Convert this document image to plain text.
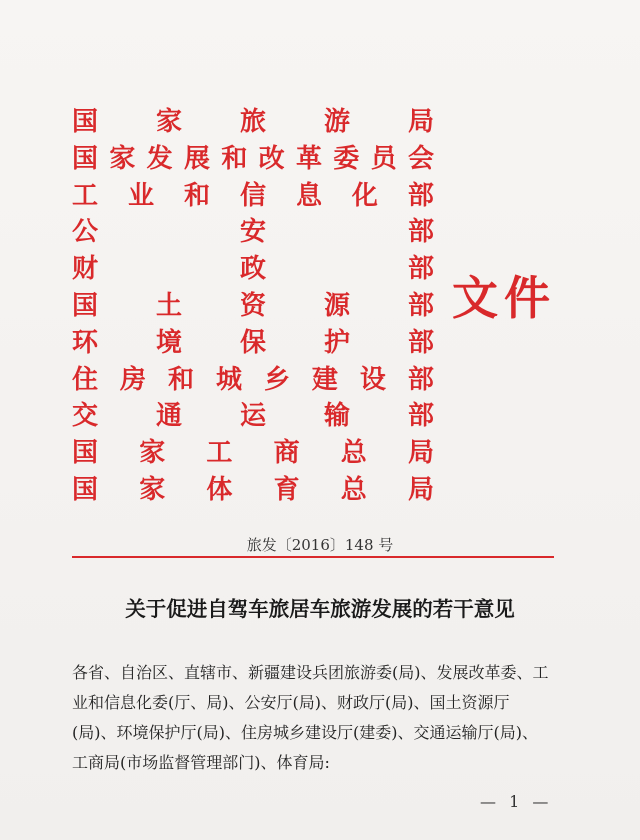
国 家 旅 游 局
国 家 发 展 和 改 革 委 员 会
工 业 和 信 息 化 部
公	安	部
财	政	部
国 土 资 源 部
环 境 保 护 部
住 房 和 城 乡 建 设 部
交 通 运 输 部
国 家 工 商 总 局
国 家 体 育 总 局
文件
旅发〔2016〕148 号
关于促进自驾车旅居车旅游发展的若干意见
各省、自治区、直辖市、新疆建设兵团旅游委(局)、发展改革委、工
业和信息化委(厅、局)、公安厅(局)、财政厅(局)、国土资源厅
(局)、环境保护厅(局)、住房城乡建设厅(建委)、交通运输厅(局)、
工商局(市场监督管理部门)、体育局:
— 1 —
